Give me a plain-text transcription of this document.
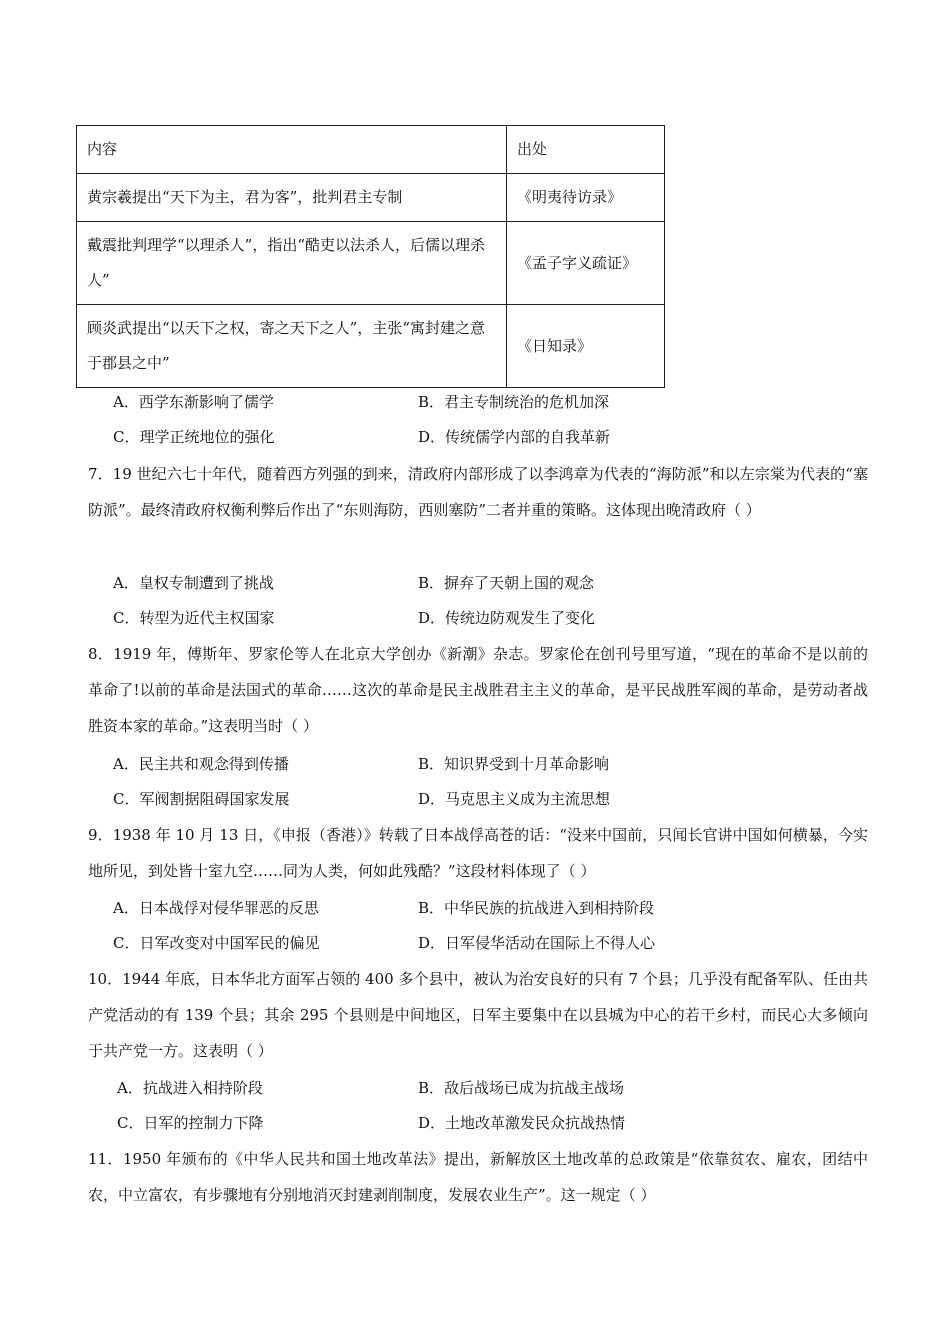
内容	出处
黄宗羲提出“天下为主，君为客”，批判君主专制	《明夷待访录》
戴震批判理学“以理杀人”，指出“酷吏以法杀人，后儒以理杀人”	《孟子字义疏证》
顾炎武提出“以天下之权，寄之天下之人”，主张“寓封建之意于郡县之中”	《日知录》
A．西学东渐影响了儒学	B．君主专制统治的危机加深
C．理学正统地位的强化	D．传统儒学内部的自我革新
7．19 世纪六七十年代，随着西方列强的到来，清政府内部形成了以李鸿章为代表的“海防派”和以左宗棠为代表的“塞防派”。最终清政府权衡利弊后作出了“东则海防，西则塞防”二者并重的策略。这体现出晚清政府（ ）
A．皇权专制遭到了挑战	B．摒弃了天朝上国的观念
C．转型为近代主权国家	D．传统边防观发生了变化
8．1919 年，傅斯年、罗家伦等人在北京大学创办《新潮》杂志。罗家伦在创刊号里写道，“现在的革命不是以前的革命了!以前的革命是法国式的革命……这次的革命是民主战胜君主主义的革命，是平民战胜军阀的革命，是劳动者战胜资本家的革命。”这表明当时（ ）
A．民主共和观念得到传播	B．知识界受到十月革命影响
C．军阀割据阻碍国家发展	D．马克思主义成为主流思想
9．1938 年 10 月 13 日，《申报（香港）》转载了日本战俘高苍的话：“没来中国前，只闻长官讲中国如何横暴，今实地所见，到处皆十室九空……同为人类，何如此残酷？”这段材料体现了（ ）
A．日本战俘对侵华罪恶的反思	B．中华民族的抗战进入到相持阶段
C．日军改变对中国军民的偏见	D．日军侵华活动在国际上不得人心
10．1944 年底，日本华北方面军占领的 400 多个县中，被认为治安良好的只有 7 个县；几乎没有配备军队、任由共产党活动的有 139 个县；其余 295 个县则是中间地区，日军主要集中在以县城为中心的若干乡村，而民心大多倾向于共产党一方。这表明（ ）
A．抗战进入相持阶段	B．敌后战场已成为抗战主战场
C．日军的控制力下降	D．土地改革激发民众抗战热情
11．1950 年颁布的《中华人民共和国土地改革法》提出，新解放区土地改革的总政策是“依靠贫农、雇农，团结中农，中立富农，有步骤地有分别地消灭封建剥削制度，发展农业生产”。这一规定（ ）
